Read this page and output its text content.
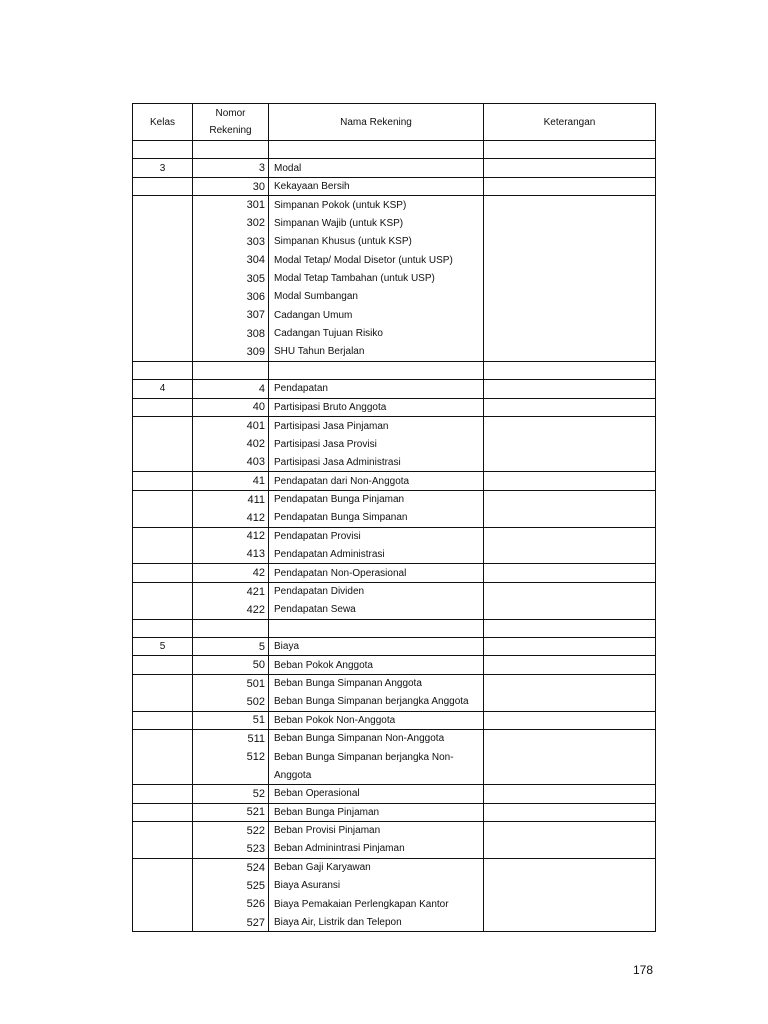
Kelas	Nomor Rekening	Nama Rekening	Keterangan

3	3	Modal	
	30	Kekayaan Bersih	
	301	Simpanan Pokok (untuk KSP)	
	302	Simpanan Wajib (untuk KSP)	
	303	Simpanan Khusus (untuk KSP)	
	304	Modal Tetap/ Modal Disetor (untuk USP)	
	305	Modal Tetap Tambahan (untuk USP)	
	306	Modal Sumbangan	
	307	Cadangan Umum	
	308	Cadangan Tujuan Risiko	
	309	SHU Tahun Berjalan	

4	4	Pendapatan	
	40	Partisipasi Bruto Anggota	
	401	Partisipasi Jasa Pinjaman	
	402	Partisipasi Jasa Provisi	
	403	Partisipasi Jasa Administrasi	
	41	Pendapatan dari Non-Anggota	
	411	Pendapatan Bunga Pinjaman	
	412	Pendapatan Bunga Simpanan	
	412	Pendapatan Provisi	
	413	Pendapatan Administrasi	
	42	Pendapatan Non-Operasional	
	421	Pendapatan Dividen	
	422	Pendapatan Sewa	

5	5	Biaya	
	50	Beban Pokok Anggota	
	501	Beban Bunga Simpanan Anggota	
	502	Beban Bunga Simpanan berjangka Anggota	
	51	Beban Pokok Non-Anggota	
	511	Beban Bunga Simpanan Non-Anggota	
	512	Beban Bunga Simpanan berjangka Non-	
		Anggota	
	52	Beban Operasional	
	521	Beban Bunga Pinjaman	
	522	Beban Provisi Pinjaman	
	523	Beban Adminintrasi Pinjaman	
	524	Beban Gaji Karyawan	
	525	Biaya Asuransi	
	526	Biaya Pemakaian Perlengkapan Kantor	
	527	Biaya Air, Listrik dan Telepon	
178
